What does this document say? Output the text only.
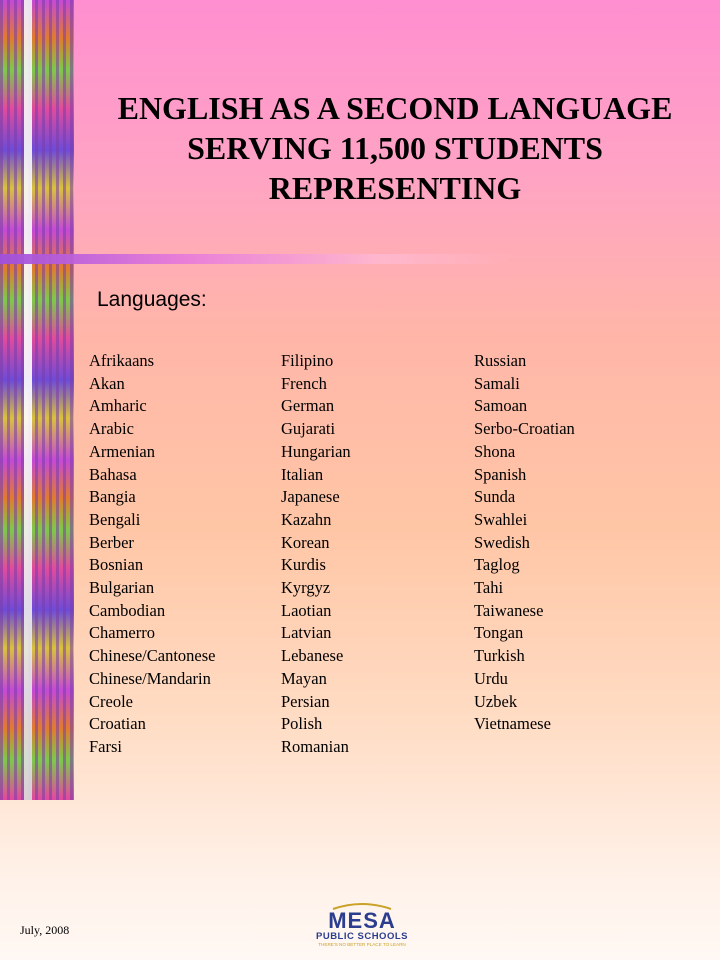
ENGLISH AS A SECOND LANGUAGE
SERVING 11,500 STUDENTS
REPRESENTING
Languages:
Afrikaans
Akan
Amharic
Arabic
Armenian
Bahasa
Bangia
Bengali
Berber
Bosnian
Bulgarian
Cambodian
Chamerro
Chinese/Cantonese
Chinese/Mandarin
Creole
Croatian
Farsi
Filipino
French
German
Gujarati
Hungarian
Italian
Japanese
Kazahn
Korean
Kurdis
Kyrgyz
Laotian
Latvian
Lebanese
Mayan
Persian
Polish
Romanian
Russian
Samali
Samoan
Serbo-Croatian
Shona
Spanish
Sunda
Swahlei
Swedish
Taglog
Tahi
Taiwanese
Tongan
Turkish
Urdu
Uzbek
Vietnamese
July, 2008	MESA
PUBLIC SCHOOLS
THERE'S NO BETTER PLACE TO LEARN
